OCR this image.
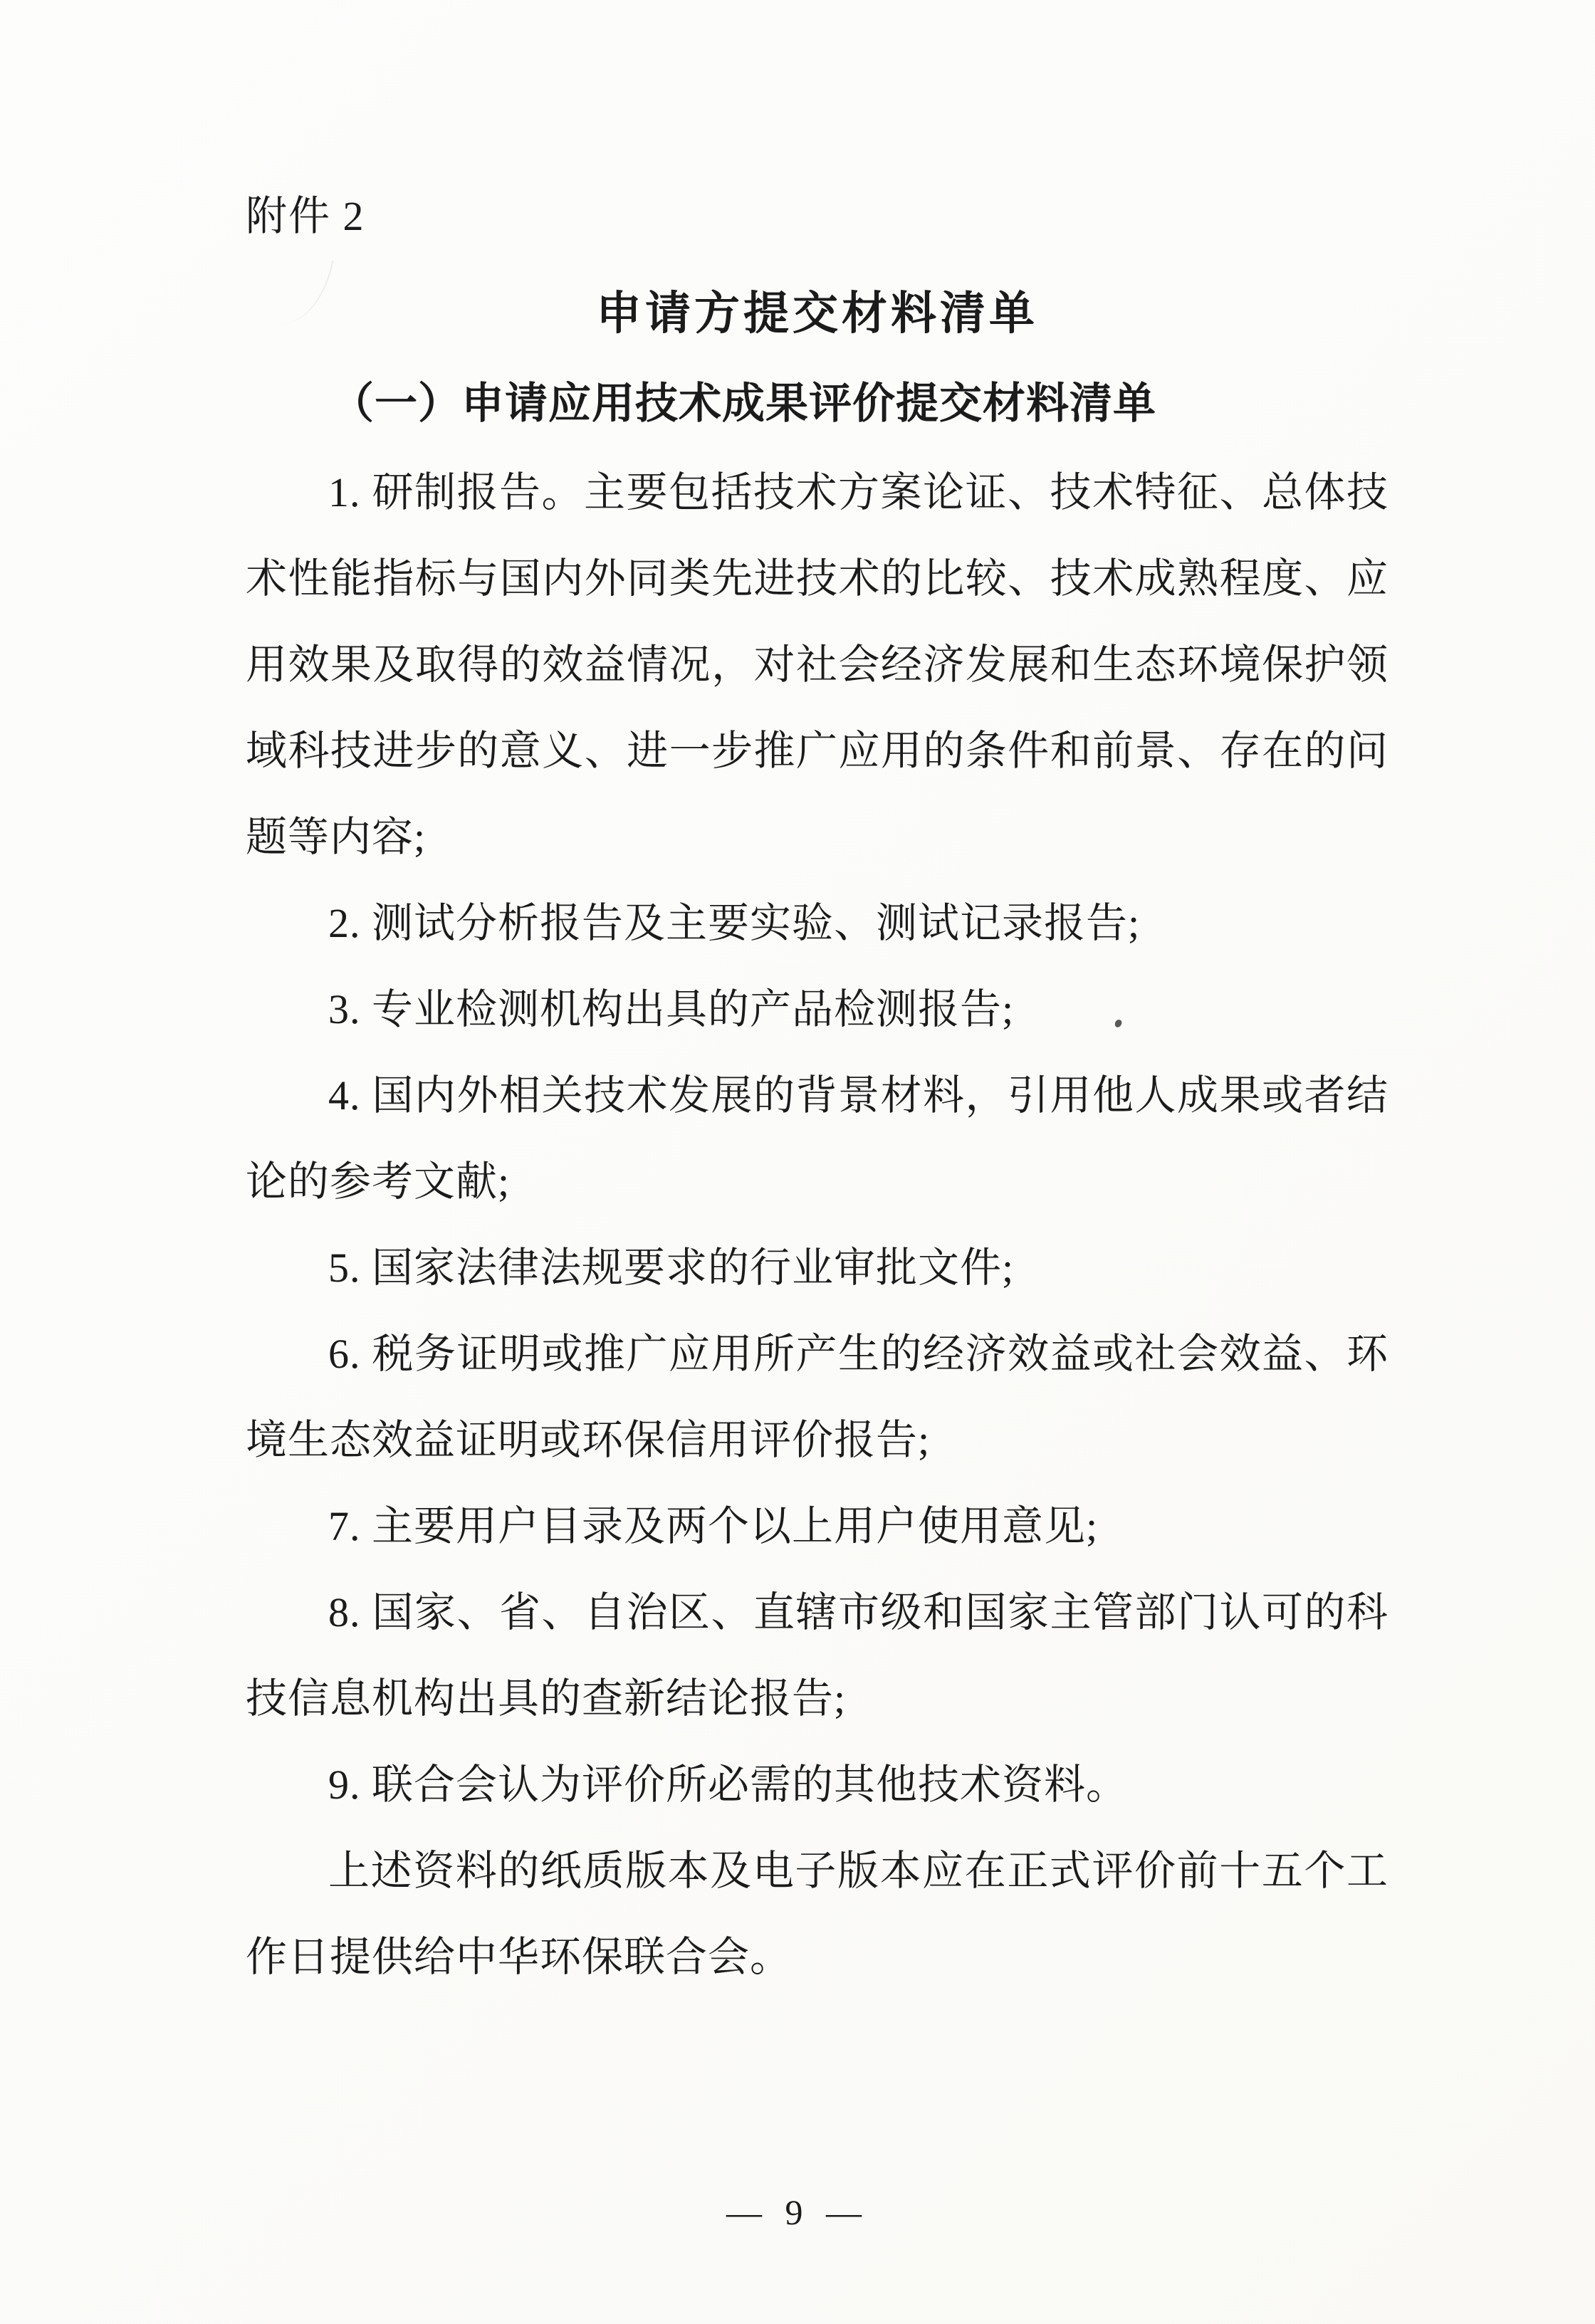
附件 2
申请方提交材料清单
（一）申请应用技术成果评价提交材料清单

1. 研制报告。主要包括技术方案论证、技术特征、总体技术性能指标与国内外同类先进技术的比较、技术成熟程度、应用效果及取得的效益情况，对社会经济发展和生态环境保护领域科技进步的意义、进一步推广应用的条件和前景、存在的问题等内容;

2. 测试分析报告及主要实验、测试记录报告;

3. 专业检测机构出具的产品检测报告;

4. 国内外相关技术发展的背景材料，引用他人成果或者结论的参考文献;

5. 国家法律法规要求的行业审批文件;

6. 税务证明或推广应用所产生的经济效益或社会效益、环境生态效益证明或环保信用评价报告;

7. 主要用户目录及两个以上用户使用意见;

8. 国家、省、自治区、直辖市级和国家主管部门认可的科技信息机构出具的查新结论报告;

9. 联合会认为评价所必需的其他技术资料。

上述资料的纸质版本及电子版本应在正式评价前十五个工作日提供给中华环保联合会。

— 9 —
